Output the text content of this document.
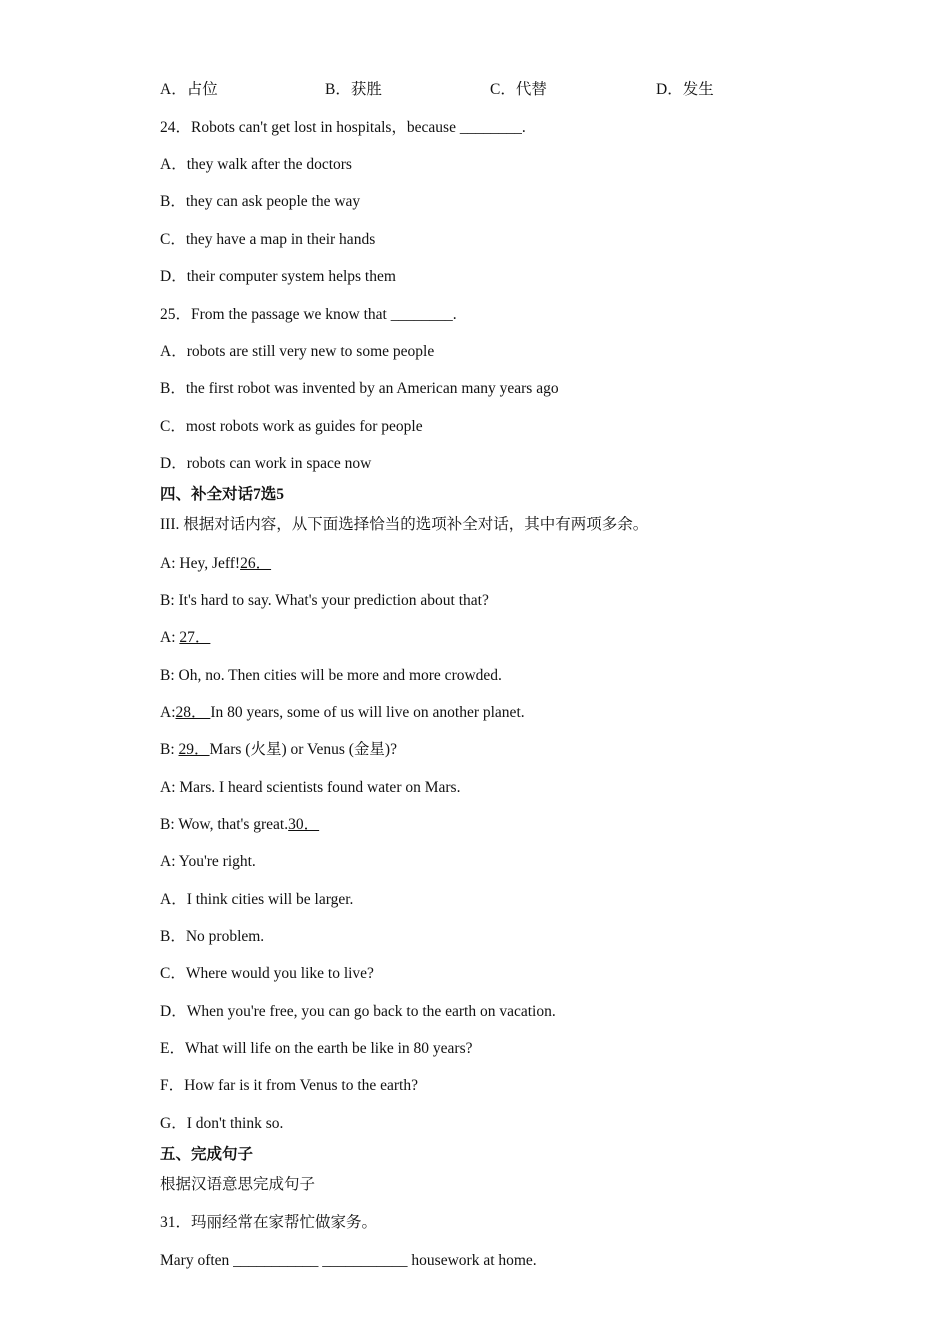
A．占位	B．获胜	C．代替	D．发生
24．Robots can't get lost in hospitals，because ________.
A．they walk after the doctors
B．they can ask people the way
C．they have a map in their hands
D．their computer system helps them
25．From the passage we know that ________.
A．robots are still very new to some people
B．the first robot was invented by an American many years ago
C．most robots work as guides for people
D．robots can work in space now
四、补全对话7选5
III. 根据对话内容，从下面选择恰当的选项补全对话，其中有两项多余。
A: Hey, Jeff!26．
B: It's hard to say. What's your prediction about that?
A: 27．
B: Oh, no. Then cities will be more and more crowded.
A:28． In 80 years, some of us will live on another planet.
B: 29．Mars (火星) or Venus (金星)?
A: Mars. I heard scientists found water on Mars.
B: Wow, that's great.30．
A: You're right.
A．I think cities will be larger.
B．No problem.
C．Where would you like to live?
D．When you're free, you can go back to the earth on vacation.
E．What will life on the earth be like in 80 years?
F．How far is it from Venus to the earth?
G．I don't think so.
五、完成句子
根据汉语意思完成句子
31．玛丽经常在家帮忙做家务。
Mary often ___________ ___________ housework at home.
